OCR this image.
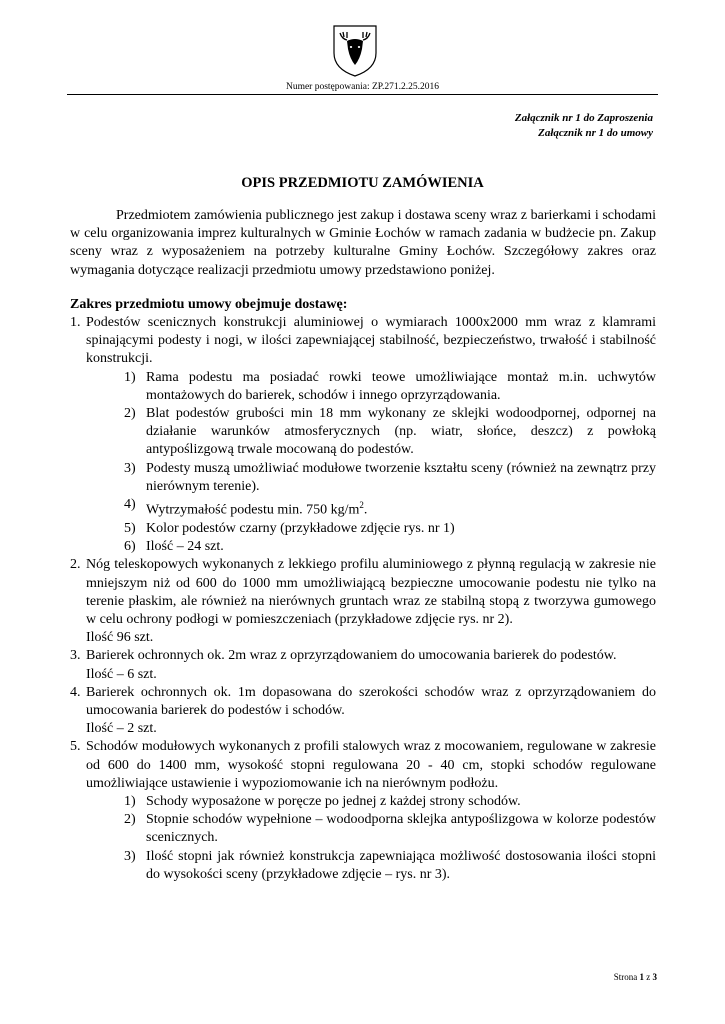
Numer postępowania: ZP.271.2.25.2016
Załącznik nr 1 do Zaproszenia
Załącznik nr 1 do umowy
OPIS PRZEDMIOTU ZAMÓWIENIA

Przedmiotem zamówienia publicznego jest zakup i dostawa sceny wraz z barierkami i schodami w celu organizowania imprez kulturalnych w Gminie Łochów w ramach zadania w budżecie pn. Zakup sceny wraz z wyposażeniem na potrzeby kulturalne Gminy Łochów. Szczegółowy zakres oraz wymagania dotyczące realizacji przedmiotu umowy przedstawiono poniżej.

Zakres przedmiotu umowy obejmuje dostawę:

1. Podestów scenicznych konstrukcji aluminiowej o wymiarach 1000x2000 mm wraz z klamrami spinającymi podesty i nogi, w ilości zapewniającej stabilność, bezpieczeństwo, trwałość i stabilność konstrukcji.
1) Rama podestu ma posiadać rowki teowe umożliwiające montaż m.in. uchwytów montażowych do barierek, schodów i innego oprzyrządowania.
2) Blat podestów grubości min 18 mm wykonany ze sklejki wodoodpornej, odpornej na działanie warunków atmosferycznych (np. wiatr, słońce, deszcz) z powłoką antypoślizgową trwale mocowaną do podestów.
3) Podesty muszą umożliwiać modułowe tworzenie kształtu sceny (również na zewnątrz przy nierównym terenie).
4) Wytrzymałość podestu min. 750 $kg/m^2$.
5) Kolor podestów czarny (przykładowe zdjęcie rys. nr 1)
6) Ilość – 24 szt.
2. Nóg teleskopowych wykonanych z lekkiego profilu aluminiowego z płynną regulacją w zakresie nie mniejszym niż od 600 do 1000 mm umożliwiającą bezpieczne umocowanie podestu nie tylko na terenie płaskim, ale również na nierównych gruntach wraz ze stabilną stopą z tworzywa gumowego w celu ochrony podłogi w pomieszczeniach (przykładowe zdjęcie rys. nr 2).
Ilość 96 szt.
3. Barierek ochronnych ok. 2m wraz z oprzyrządowaniem do umocowania barierek do podestów.
Ilość – 6 szt.
4. Barierek ochronnych ok. 1m dopasowana do szerokości schodów wraz z oprzyrządowaniem do umocowania barierek do podestów i schodów.
Ilość – 2 szt.
5. Schodów modułowych wykonanych z profili stalowych wraz z mocowaniem, regulowane w zakresie od 600 do 1400 mm, wysokość stopni regulowana 20 - 40 cm, stopki schodów regulowane umożliwiające ustawienie i wypoziomowanie ich na nierównym podłożu.
1) Schody wyposażone w poręcze po jednej z każdej strony schodów.
2) Stopnie schodów wypełnione – wodoodporna sklejka antypoślizgowa w kolorze podestów scenicznych.
3) Ilość stopni jak również konstrukcja zapewniająca możliwość dostosowania ilości stopni do wysokości sceny (przykładowe zdjęcie – rys. nr 3).
Strona 1 z 3
